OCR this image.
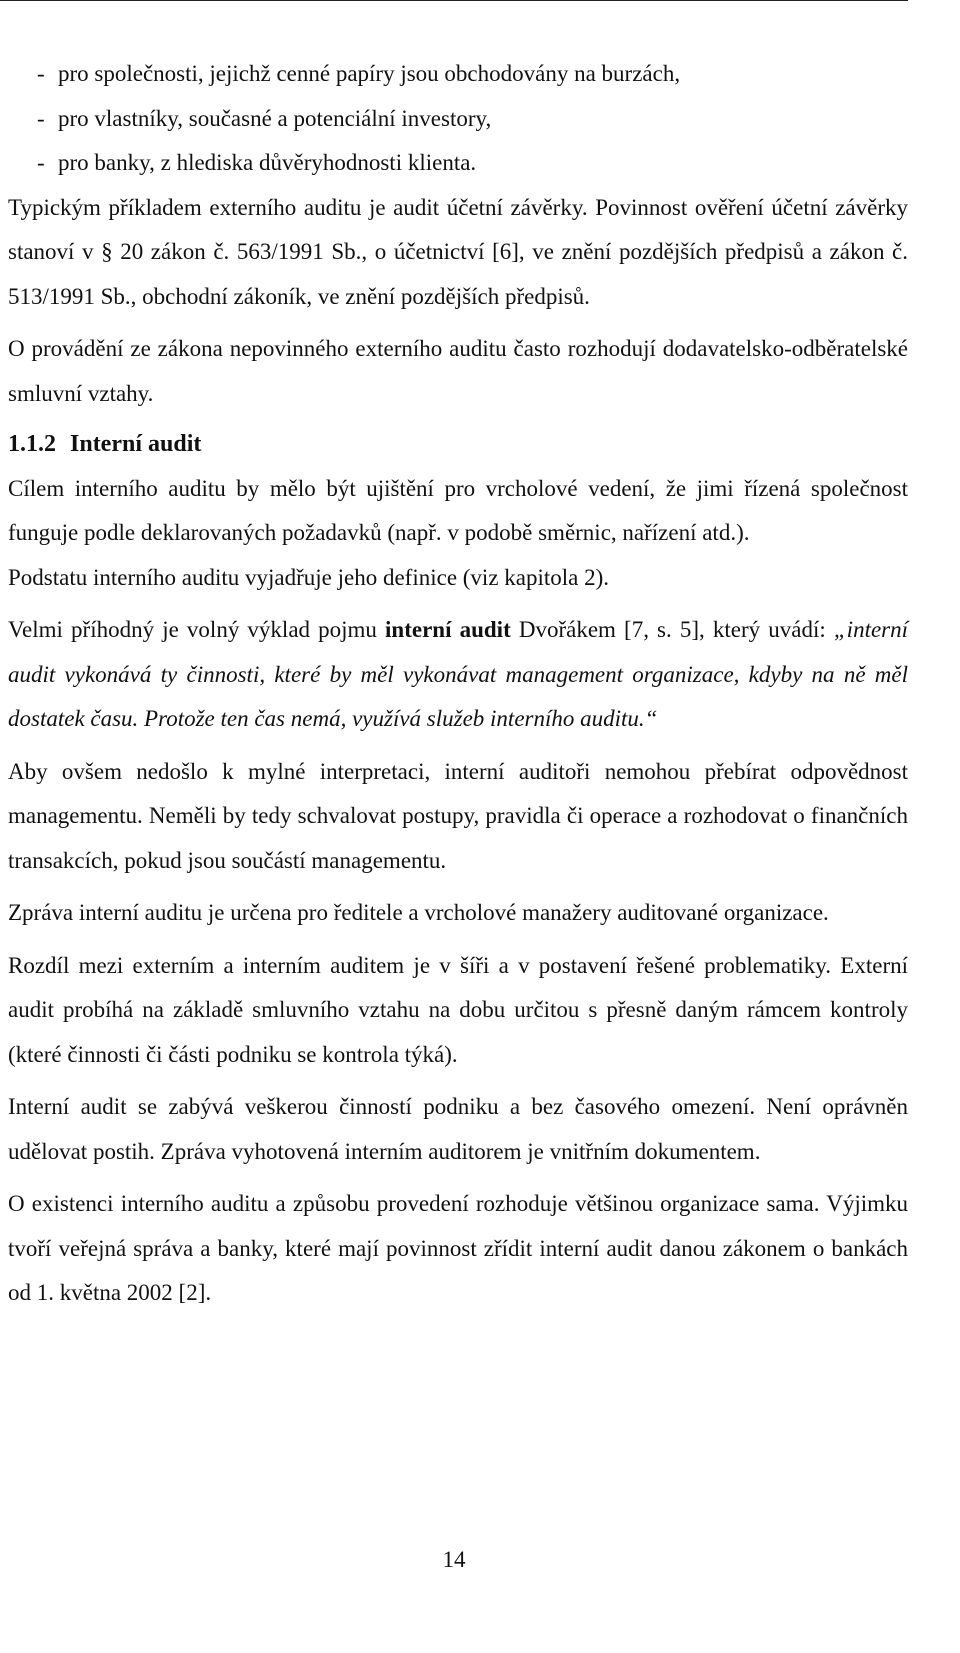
- pro společnosti, jejichž cenné papíry jsou obchodovány na burzách,
- pro vlastníky, současné a potenciální investory,
- pro banky, z hlediska důvěryhodnosti klienta.

Typickým příkladem externího auditu je audit účetní závěrky. Povinnost ověření účetní závěrky stanoví v § 20 zákon č. 563/1991 Sb., o účetnictví [6], ve znění pozdějších předpisů a zákon č. 513/1991 Sb., obchodní zákoník, ve znění pozdějších předpisů.

O provádění ze zákona nepovinného externího auditu často rozhodují dodavatelsko-odběratelské smluvní vztahy.

1.1.2 Interní audit

Cílem interního auditu by mělo být ujištění pro vrcholové vedení, že jimi řízená společnost funguje podle deklarovaných požadavků (např. v podobě směrnic, nařízení atd.).

Podstatu interního auditu vyjadřuje jeho definice (viz kapitola 2).

Velmi příhodný je volný výklad pojmu interní audit Dvořákem [7, s. 5], který uvádí: „interní audit vykonává ty činnosti, které by měl vykonávat management organizace, kdyby na ně měl dostatek času. Protože ten čas nemá, využívá služeb interního auditu.“

Aby ovšem nedošlo k mylné interpretaci, interní auditoři nemohou přebírat odpovědnost managementu. Neměli by tedy schvalovat postupy, pravidla či operace a rozhodovat o finančních transakcích, pokud jsou součástí managementu.

Zpráva interní auditu je určena pro ředitele a vrcholové manažery auditované organizace.

Rozdíl mezi externím a interním auditem je v šíři a v postavení řešené problematiky. Externí audit probíhá na základě smluvního vztahu na dobu určitou s přesně daným rámcem kontroly (které činnosti či části podniku se kontrola týká).

Interní audit se zabývá veškerou činností podniku a bez časového omezení. Není oprávněn udělovat postih. Zpráva vyhotovená interním auditorem je vnitřním dokumentem.

O existenci interního auditu a způsobu provedení rozhoduje většinou organizace sama. Výjimku tvoří veřejná správa a banky, které mají povinnost zřídit interní audit danou zákonem o bankách od 1. května 2002 [2].

14
